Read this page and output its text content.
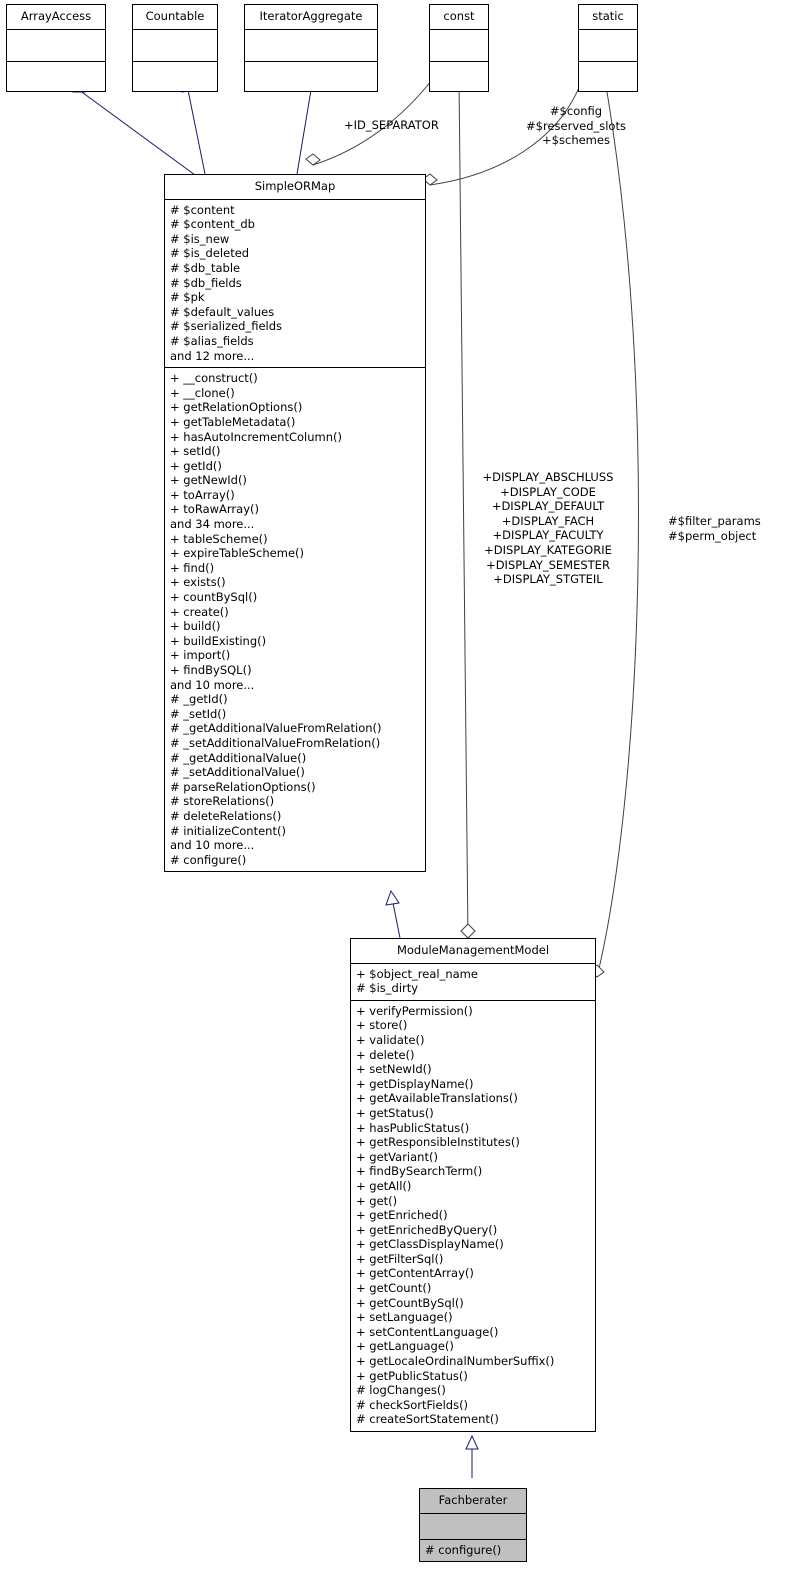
ArrayAccess	Countable	IteratorAggregate	const	static
+ID_SEPARATOR
#$config
#$reserved_slots
+$schemes
+DISPLAY_ABSCHLUSS
+DISPLAY_CODE
+DISPLAY_DEFAULT
+DISPLAY_FACH
+DISPLAY_FACULTY
+DISPLAY_KATEGORIE
+DISPLAY_SEMESTER
+DISPLAY_STGTEIL
#$filter_params
#$perm_object
SimpleORMap
# $content
# $content_db
# $is_new
# $is_deleted
# $db_table
# $db_fields
# $pk
# $default_values
# $serialized_fields
# $alias_fields
and 12 more...
+ __construct()
+ __clone()
+ getRelationOptions()
+ getTableMetadata()
+ hasAutoIncrementColumn()
+ setId()
+ getId()
+ getNewId()
+ toArray()
+ toRawArray()
and 34 more...
+ tableScheme()
+ expireTableScheme()
+ find()
+ exists()
+ countBySql()
+ create()
+ build()
+ buildExisting()
+ import()
+ findBySQL()
and 10 more...
# _getId()
# _setId()
# _getAdditionalValueFromRelation()
# _setAdditionalValueFromRelation()
# _getAdditionalValue()
# _setAdditionalValue()
# parseRelationOptions()
# storeRelations()
# deleteRelations()
# initializeContent()
and 10 more...
# configure()
ModuleManagementModel
+ $object_real_name
# $is_dirty
+ verifyPermission()
+ store()
+ validate()
+ delete()
+ setNewId()
+ getDisplayName()
+ getAvailableTranslations()
+ getStatus()
+ hasPublicStatus()
+ getResponsibleInstitutes()
+ getVariant()
+ findBySearchTerm()
+ getAll()
+ get()
+ getEnriched()
+ getEnrichedByQuery()
+ getClassDisplayName()
+ getFilterSql()
+ getContentArray()
+ getCount()
+ getCountBySql()
+ setLanguage()
+ setContentLanguage()
+ getLanguage()
+ getLocaleOrdinalNumberSuffix()
+ getPublicStatus()
# logChanges()
# checkSortFields()
# createSortStatement()
Fachberater
# configure()
